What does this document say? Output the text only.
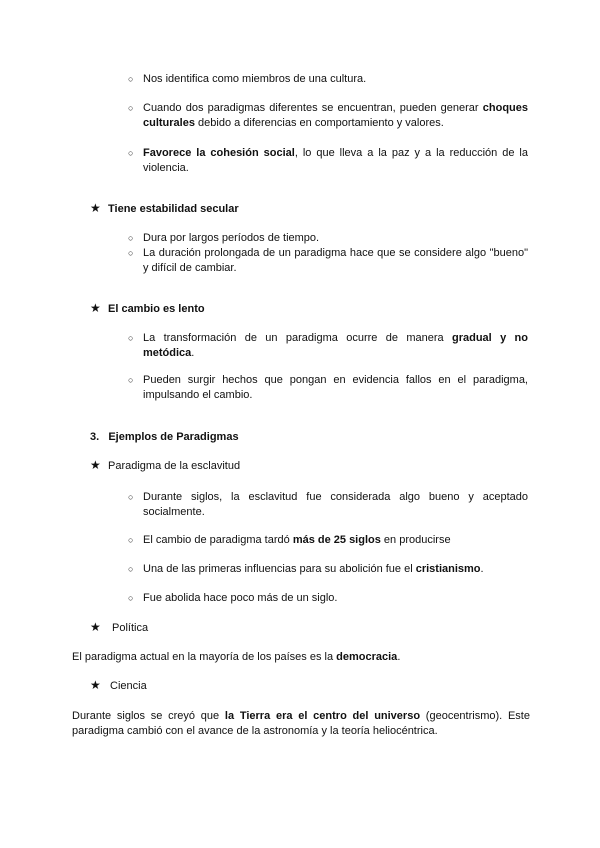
○ Nos identifica como miembros de una cultura.
○ Cuando dos paradigmas diferentes se encuentran, pueden generar choques culturales debido a diferencias en comportamiento y valores.
○ Favorece la cohesión social, lo que lleva a la paz y a la reducción de la violencia.
★ Tiene estabilidad secular
○ Dura por largos períodos de tiempo.
○ La duración prolongada de un paradigma hace que se considere algo "bueno" y difícil de cambiar.
★ El cambio es lento
○ La transformación de un paradigma ocurre de manera gradual y no metódica.
○ Pueden surgir hechos que pongan en evidencia fallos en el paradigma, impulsando el cambio.
3.   Ejemplos de Paradigmas
★ Paradigma de la esclavitud
○ Durante siglos, la esclavitud fue considerada algo bueno y aceptado socialmente.
○ El cambio de paradigma tardó más de 25 siglos en producirse
○ Una de las primeras influencias para su abolición fue el cristianismo.
○ Fue abolida hace poco más de un siglo.
★ Política
El paradigma actual en la mayoría de los países es la democracia.
★ Ciencia
Durante siglos se creyó que la Tierra era el centro del universo (geocentrismo). Este paradigma cambió con el avance de la astronomía y la teoría heliocéntrica.
